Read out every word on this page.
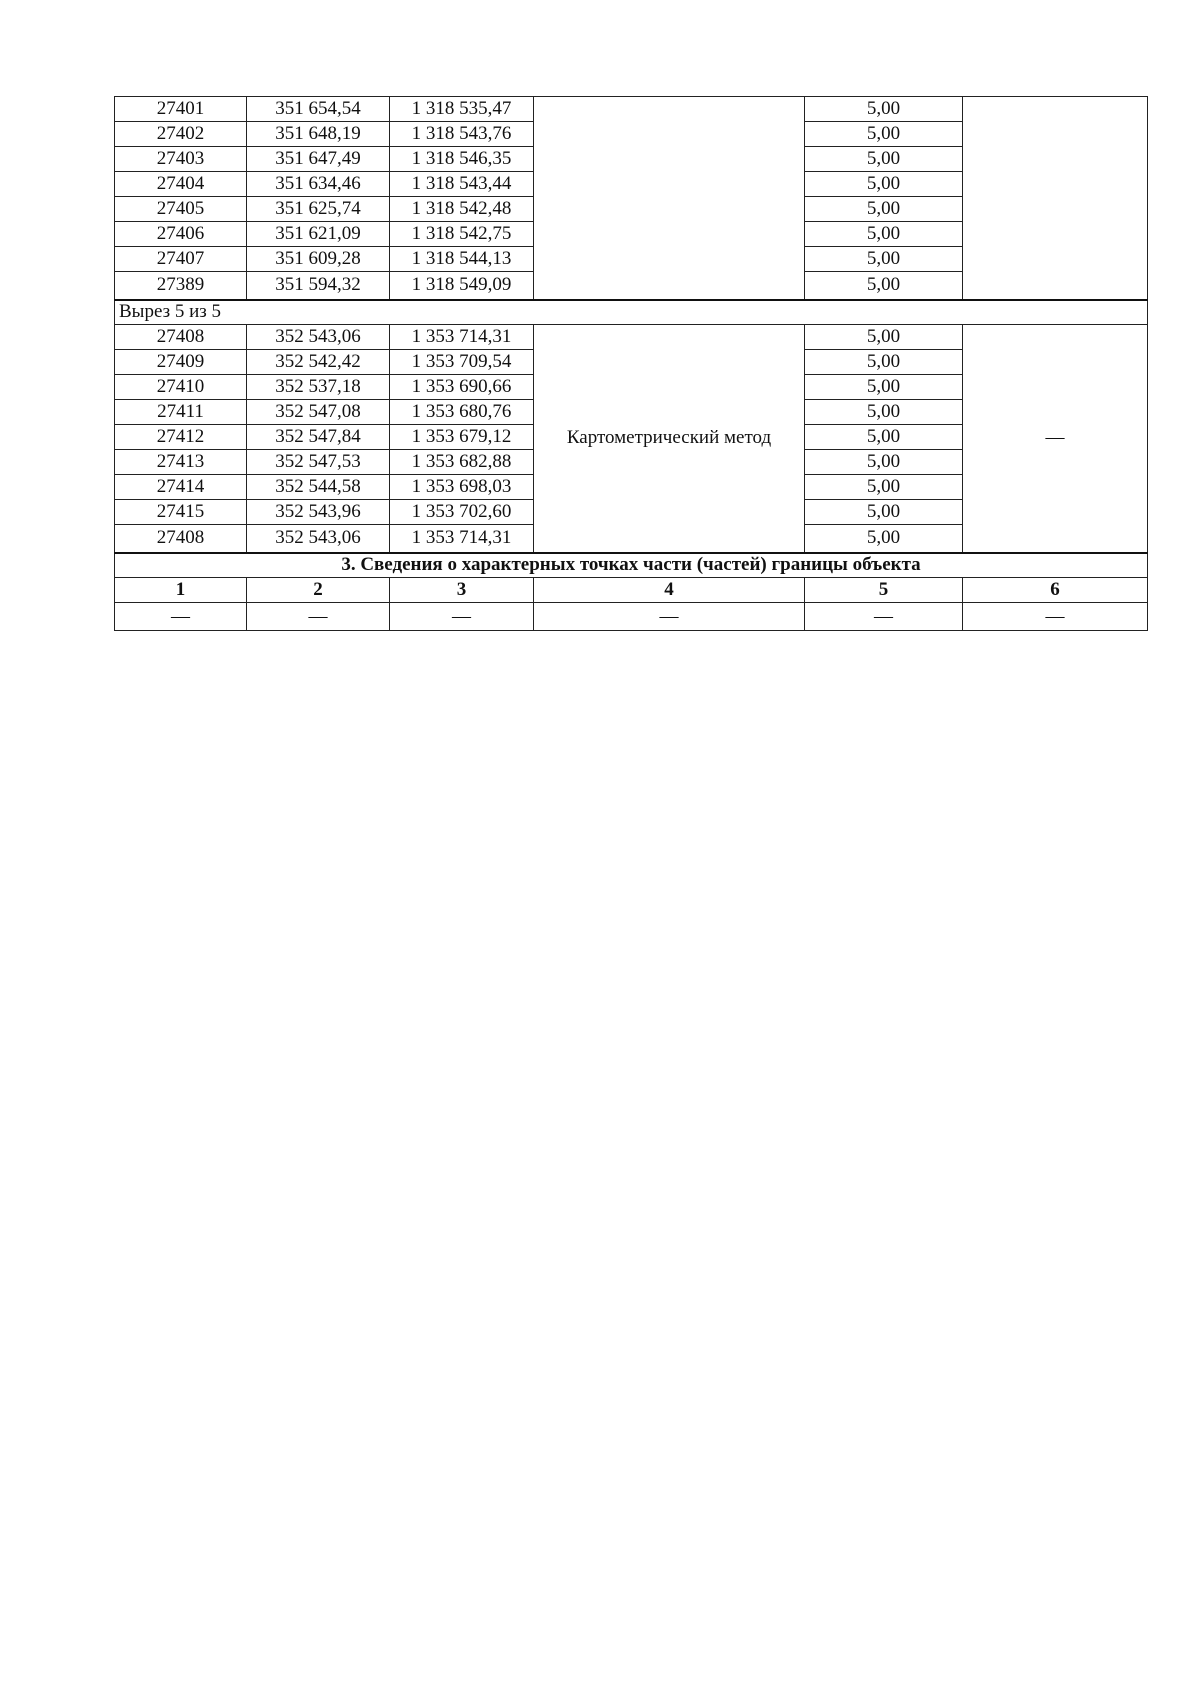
27401	351 654,54	1 318 535,47		5,00	
27402	351 648,19	1 318 543,76		5,00	
27403	351 647,49	1 318 546,35		5,00	
27404	351 634,46	1 318 543,44		5,00	
27405	351 625,74	1 318 542,48		5,00	
27406	351 621,09	1 318 542,75		5,00	
27407	351 609,28	1 318 544,13		5,00	
27389	351 594,32	1 318 549,09		5,00	
Вырез 5 из 5					
27408	352 543,06	1 353 714,31	Картометрический метод	5,00	—
27409	352 542,42	1 353 709,54		5,00	
27410	352 537,18	1 353 690,66		5,00	
27411	352 547,08	1 353 680,76		5,00	
27412	352 547,84	1 353 679,12		5,00	
27413	352 547,53	1 353 682,88		5,00	
27414	352 544,58	1 353 698,03		5,00	
27415	352 543,96	1 353 702,60		5,00	
27408	352 543,06	1 353 714,31		5,00	
3. Сведения о характерных точках части (частей) границы объекта					
1	2	3	4	5	6
—	—	—	—	—	—
